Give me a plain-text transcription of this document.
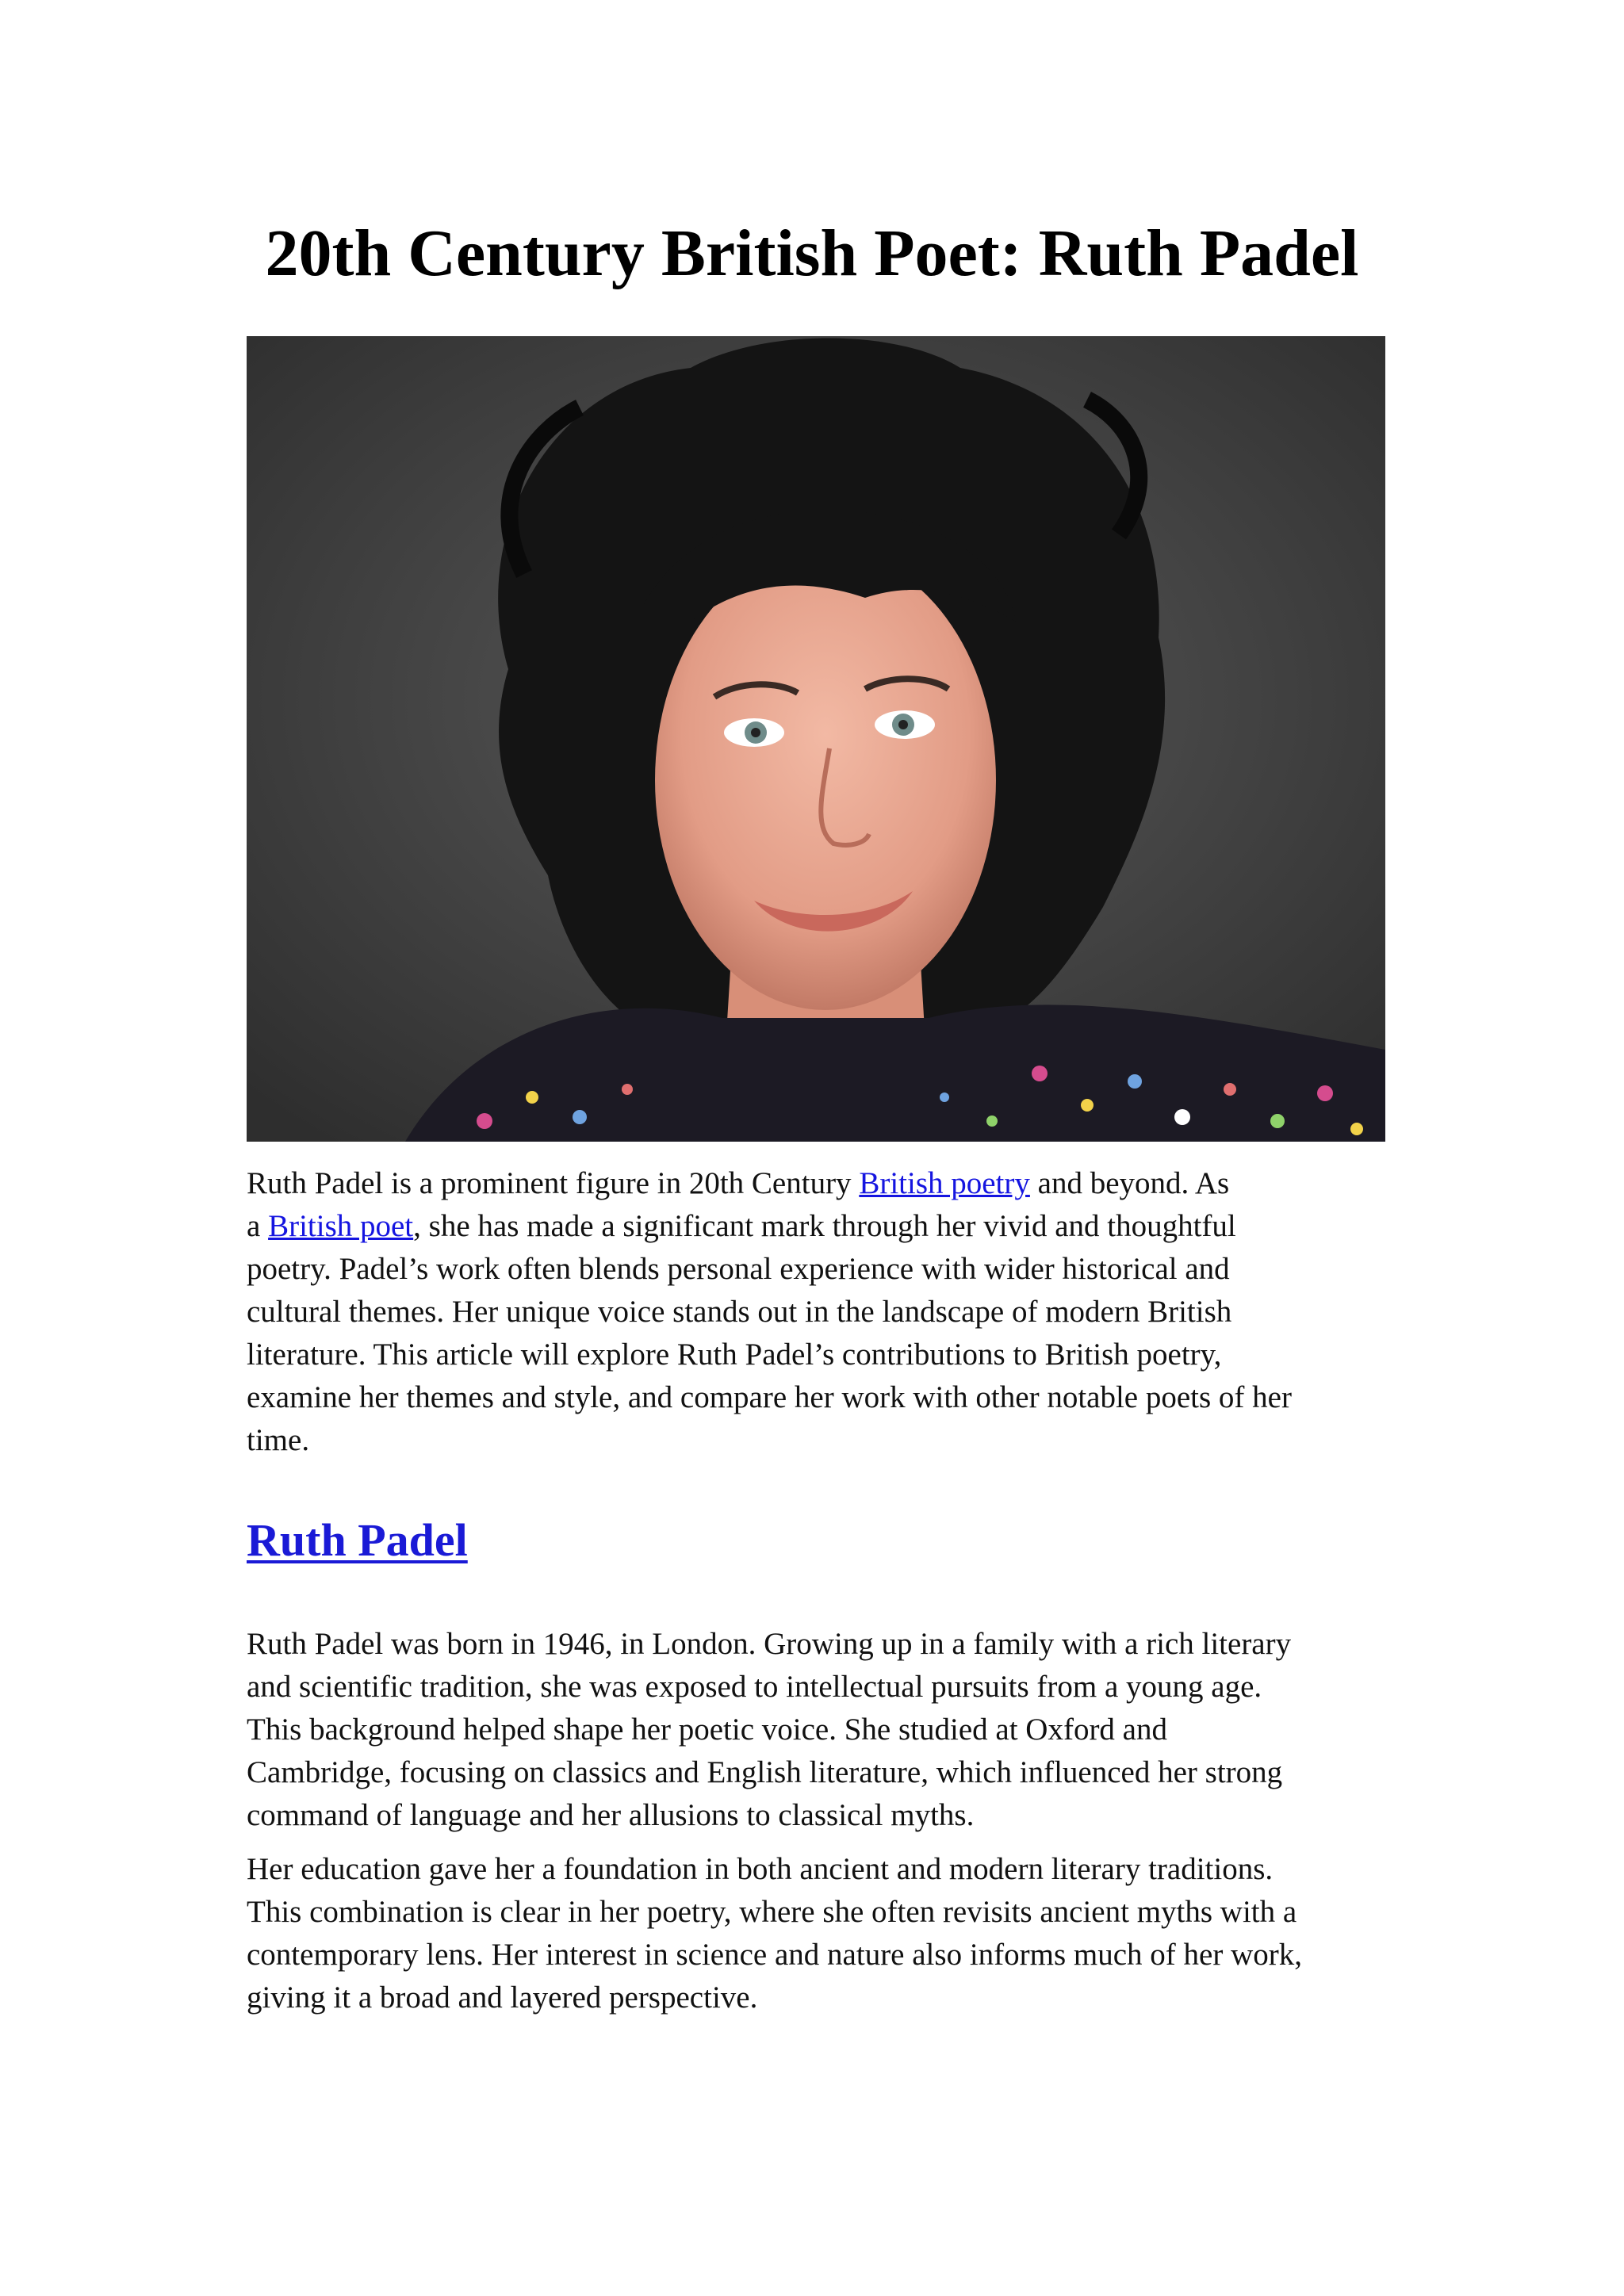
20th Century British Poet: Ruth Padel

Ruth Padel is a prominent figure in 20th Century British poetry and beyond. As
a British poet, she has made a significant mark through her vivid and thoughtful
poetry. Padel’s work often blends personal experience with wider historical and
cultural themes. Her unique voice stands out in the landscape of modern British
literature. This article will explore Ruth Padel’s contributions to British poetry,
examine her themes and style, and compare her work with other notable poets of her
time.

Ruth Padel

Ruth Padel was born in 1946, in London. Growing up in a family with a rich literary
and scientific tradition, she was exposed to intellectual pursuits from a young age.
This background helped shape her poetic voice. She studied at Oxford and
Cambridge, focusing on classics and English literature, which influenced her strong
command of language and her allusions to classical myths.

Her education gave her a foundation in both ancient and modern literary traditions.
This combination is clear in her poetry, where she often revisits ancient myths with a
contemporary lens. Her interest in science and nature also informs much of her work,
giving it a broad and layered perspective.
